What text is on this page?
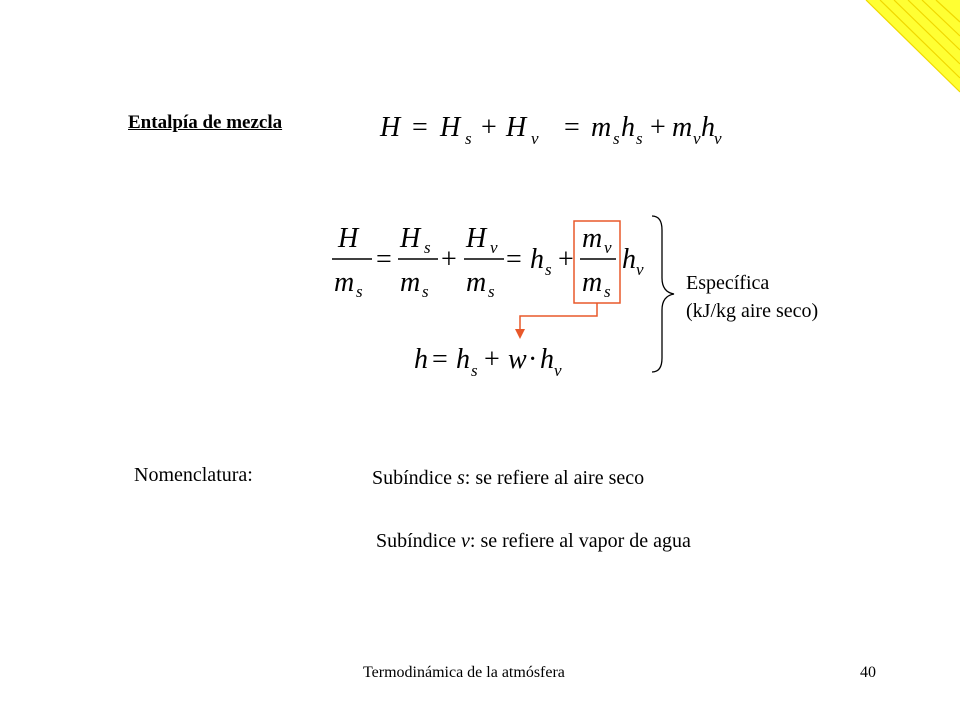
Entalpía de mezcla	H = H s + H v = m s h s + m v h v
H
m s
=
H s
m s
+
H v
m s
= h s +
m v
m s
h v
h = h s + w · h v
Específica
(kJ/kg aire seco)
Nomenclatura:	Subíndice s: se refiere al aire seco
Subíndice v: se refiere al vapor de agua
Termodinámica de la atmósfera	40
